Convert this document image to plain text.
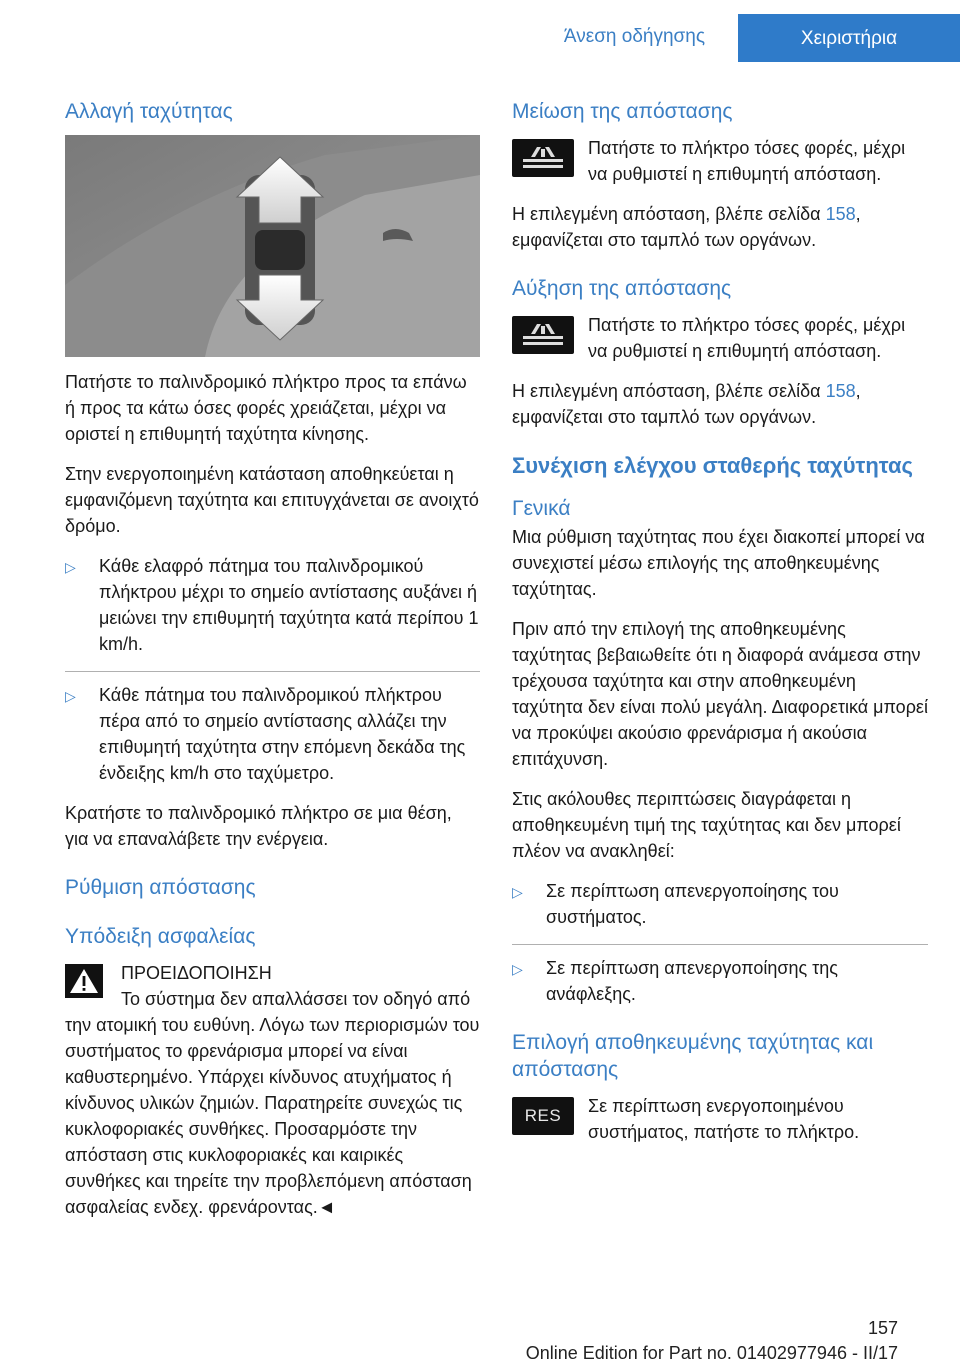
Άνεση οδήγησης	Χειριστήρια
Αλλαγή ταχύτητας

Πατήστε το παλινδρομικό πλήκτρο προς τα επάνω ή προς τα κάτω όσες φορές χρειάζεται, μέχρι να οριστεί η επιθυμητή ταχύτητα κίνησης.

Στην ενεργοποιημένη κατάσταση αποθηκεύεται η εμφανιζόμενη ταχύτητα και επιτυγχάνεται σε ανοιχτό δρόμο.

▷	Κάθε ελαφρό πάτημα του παλινδρομικού πλήκτρου μέχρι το σημείο αντίστασης αυξάνει ή μειώνει την επιθυμητή ταχύτητα κατά περίπου 1 km/h.
▷	Κάθε πάτημα του παλινδρομικού πλήκτρου πέρα από το σημείο αντίστασης αλλάζει την επιθυμητή ταχύτητα στην επόμενη δεκάδα της ένδειξης km/h στο ταχύμετρο.

Κρατήστε το παλινδρομικό πλήκτρο σε μια θέση, για να επαναλάβετε την ενέργεια.

Ρύθμιση απόστασης
Υπόδειξη ασφαλείας
ΠΡΟΕΙΔΟΠΟΙΗΣΗ
Το σύστημα δεν απαλλάσσει τον οδηγό από την ατομική του ευθύνη. Λόγω των περιορισμών του συστήματος το φρενάρισμα μπορεί να είναι καθυστερημένο. Υπάρχει κίνδυνος ατυχήματος ή κίνδυνος υλικών ζημιών. Παρατηρείτε συνεχώς τις κυκλοφοριακές συνθήκες. Προσαρμόστε την απόσταση στις κυκλοφοριακές και καιρικές συνθήκες και τηρείτε την προβλεπόμενη απόσταση ασφαλείας ενδεχ. φρενάροντας.◄
Μείωση της απόστασης
Πατήστε το πλήκτρο τόσες φορές, μέχρι να ρυθμιστεί η επιθυμητή απόσταση.

Η επιλεγμένη απόσταση, βλέπε σελίδα 158, εμφανίζεται στο ταμπλό των οργάνων.

Αύξηση της απόστασης
Πατήστε το πλήκτρο τόσες φορές, μέχρι να ρυθμιστεί η επιθυμητή απόσταση.

Η επιλεγμένη απόσταση, βλέπε σελίδα 158, εμφανίζεται στο ταμπλό των οργάνων.

Συνέχιση ελέγχου σταθερής ταχύτητας
Γενικά

Μια ρύθμιση ταχύτητας που έχει διακοπεί μπορεί να συνεχιστεί μέσω επιλογής της αποθηκευμένης ταχύτητας.

Πριν από την επιλογή της αποθηκευμένης ταχύτητας βεβαιωθείτε ότι η διαφορά ανάμεσα στην τρέχουσα ταχύτητα και στην αποθηκευμένη ταχύτητα δεν είναι πολύ μεγάλη. Διαφορετικά μπορεί να προκύψει ακούσιο φρενάρισμα ή ακούσια επιτάχυνση.

Στις ακόλουθες περιπτώσεις διαγράφεται η αποθηκευμένη τιμή της ταχύτητας και δεν μπορεί πλέον να ανακληθεί:

▷	Σε περίπτωση απενεργοποίησης του συστήματος.
▷	Σε περίπτωση απενεργοποίησης της ανάφλεξης.
Επιλογή αποθηκευμένης ταχύτητας και απόστασης
RES Σε περίπτωση ενεργοποιημένου συστήματος, πατήστε το πλήκτρο.
157
Online Edition for Part no. 01402977946 - II/17
